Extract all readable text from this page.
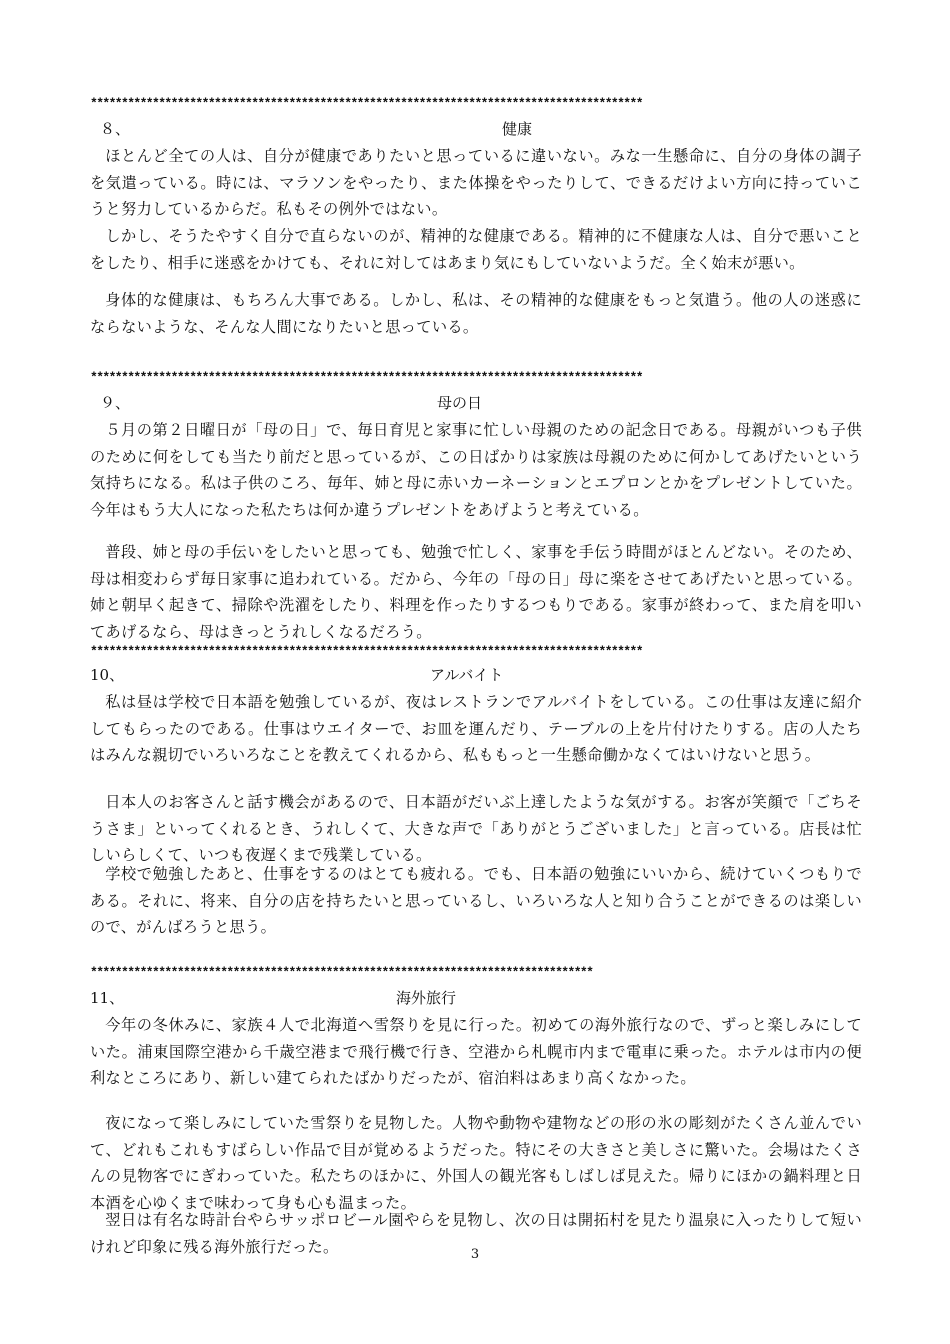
*****************************************************************************************
８、	健康

ほとんど全ての人は、自分が健康でありたいと思っているに違いない。みな一生懸命に、自分の身体の調子を気遣っている。時には、マラソンをやったり、また体操をやったりして、できるだけよい方向に持っていこうと努力しているからだ。私もその例外ではない。

しかし、そうたやすく自分で直らないのが、精神的な健康である。精神的に不健康な人は、自分で悪いことをしたり、相手に迷惑をかけても、それに対してはあまり気にもしていないようだ。全く始末が悪い。

身体的な健康は、もちろん大事である。しかし、私は、その精神的な健康をもっと気遣う。他の人の迷惑にならないような、そんな人間になりたいと思っている。

*****************************************************************************************
９、	母の日

５月の第２日曜日が「母の日」で、毎日育児と家事に忙しい母親のための記念日である。母親がいつも子供のために何をしても当たり前だと思っているが、この日ばかりは家族は母親のために何かしてあげたいという気持ちになる。私は子供のころ、毎年、姉と母に赤いカーネーションとエプロンとかをプレゼントしていた。今年はもう大人になった私たちは何か違うプレゼントをあげようと考えている。

普段、姉と母の手伝いをしたいと思っても、勉強で忙しく、家事を手伝う時間がほとんどない。そのため、母は相変わらず毎日家事に追われている。だから、今年の「母の日」母に楽をさせてあげたいと思っている。姉と朝早く起きて、掃除や洗濯をしたり、料理を作ったりするつもりである。家事が終わって、また肩を叩いてあげるなら、母はきっとうれしくなるだろう。

*****************************************************************************************
10、	アルバイト

私は昼は学校で日本語を勉強しているが、夜はレストランでアルバイトをしている。この仕事は友達に紹介してもらったのである。仕事はウエイターで、お皿を運んだり、テーブルの上を片付けたりする。店の人たちはみんな親切でいろいろなことを教えてくれるから、私ももっと一生懸命働かなくてはいけないと思う。

日本人のお客さんと話す機会があるので、日本語がだいぶ上達したような気がする。お客が笑顔で「ごちそうさま」といってくれるとき、うれしくて、大きな声で「ありがとうございました」と言っている。店長は忙しいらしくて、いつも夜遅くまで残業している。

学校で勉強したあと、仕事をするのはとても疲れる。でも、日本語の勉強にいいから、続けていくつもりである。それに、将来、自分の店を持ちたいと思っているし、いろいろな人と知り合うことができるのは楽しいので、がんばろうと思う。

*********************************************************************************
11、	海外旅行

今年の冬休みに、家族４人で北海道へ雪祭りを見に行った。初めての海外旅行なので、ずっと楽しみにしていた。浦東国際空港から千歳空港まで飛行機で行き、空港から札幌市内まで電車に乗った。ホテルは市内の便利なところにあり、新しい建てられたばかりだったが、宿泊料はあまり高くなかった。

夜になって楽しみにしていた雪祭りを見物した。人物や動物や建物などの形の氷の彫刻がたくさん並んでいて、どれもこれもすばらしい作品で目が覚めるようだった。特にその大きさと美しさに驚いた。会場はたくさんの見物客でにぎわっていた。私たちのほかに、外国人の観光客もしばしば見えた。帰りにほかの鍋料理と日本酒を心ゆくまで味わって身も心も温まった。

翌日は有名な時計台やらサッポロビール園やらを見物し、次の日は開拓村を見たり温泉に入ったりして短いけれど印象に残る海外旅行だった。	3
